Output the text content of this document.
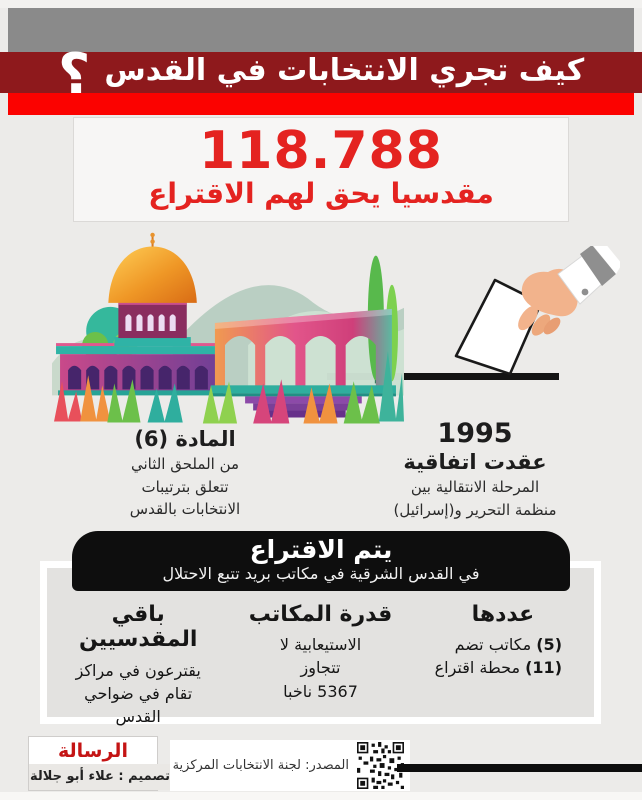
كيف تجري الانتخابات في القدس
؟
118.788
مقدسيا يحق لهم الاقتراع
1995
عقدت اتفاقية
المرحلة الانتقالية بين
منظمة التحرير و(إسرائيل)
المادة (6)
من الملحق الثاني
تتعلق بترتيبات
الانتخابات بالقدس
يتم الاقتراع
في القدس الشرقية في مكاتب بريد تتبع الاحتلال
عددها
(5) مكاتب تضم
(11) محطة اقتراع
قدرة المكاتب
الاستيعابية لا
تتجاوز
5367 ناخبا
باقي المقدسيين
يقترعون في مراكز
تقام في ضواحي
القدس
الرسالة
تصميم : علاء أبو جلالة
المصدر: لجنة الانتخابات المركزية
